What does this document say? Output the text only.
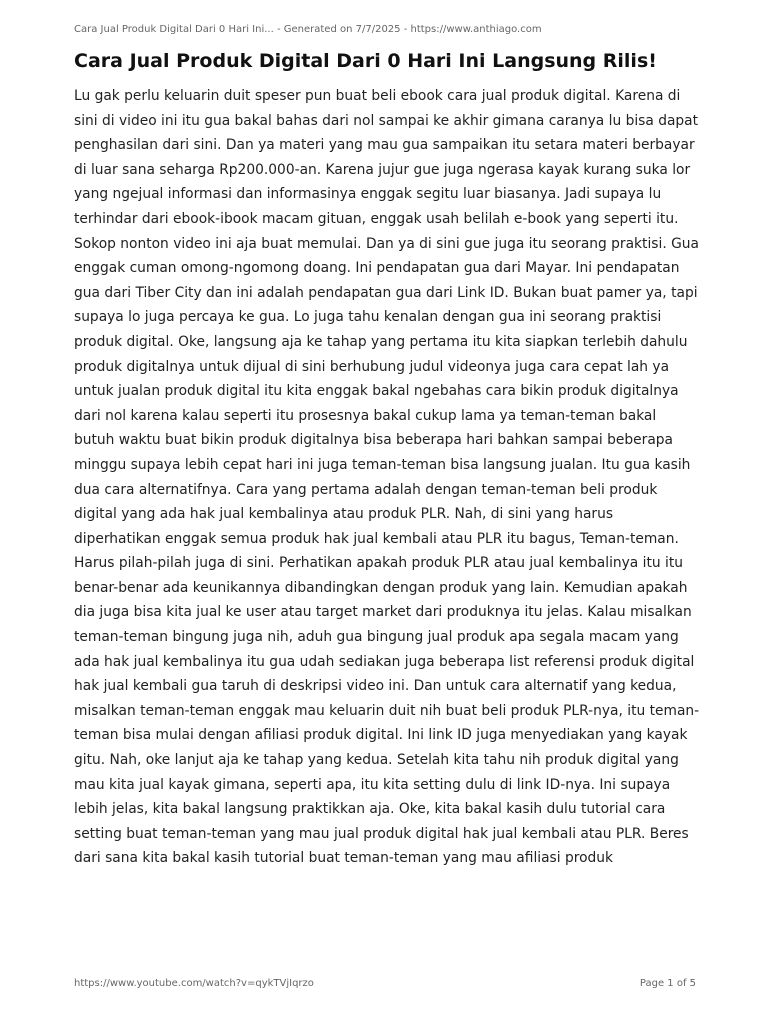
Cara Jual Produk Digital Dari 0 Hari Ini... - Generated on 7/7/2025 - https://www.anthiago.com
Cara Jual Produk Digital Dari 0 Hari Ini Langsung Rilis!

Lu gak perlu keluarin duit speser pun buat beli ebook cara jual produk digital. Karena di sini di video ini itu gua bakal bahas dari nol sampai ke akhir gimana caranya lu bisa dapat penghasilan dari sini. Dan ya materi yang mau gua sampaikan itu setara materi berbayar di luar sana seharga Rp200.000-an. Karena jujur gue juga ngerasa kayak kurang suka lor yang ngejual informasi dan informasinya enggak segitu luar biasanya. Jadi supaya lu terhindar dari ebook-ibook macam gituan, enggak usah belilah e-book yang seperti itu. Sokop nonton video ini aja buat memulai. Dan ya di sini gue juga itu seorang praktisi. Gua enggak cuman omong-ngomong doang. Ini pendapatan gua dari Mayar. Ini pendapatan gua dari Tiber City dan ini adalah pendapatan gua dari Link ID. Bukan buat pamer ya, tapi supaya lo juga percaya ke gua. Lo juga tahu kenalan dengan gua ini seorang praktisi produk digital. Oke, langsung aja ke tahap yang pertama itu kita siapkan terlebih dahulu produk digitalnya untuk dijual di sini berhubung judul videonya juga cara cepat lah ya untuk jualan produk digital itu kita enggak bakal ngebahas cara bikin produk digitalnya dari nol karena kalau seperti itu prosesnya bakal cukup lama ya teman-teman bakal butuh waktu buat bikin produk digitalnya bisa beberapa hari bahkan sampai beberapa minggu supaya lebih cepat hari ini juga teman-teman bisa langsung jualan. Itu gua kasih dua cara alternatifnya. Cara yang pertama adalah dengan teman-teman beli produk digital yang ada hak jual kembalinya atau produk PLR. Nah, di sini yang harus diperhatikan enggak semua produk hak jual kembali atau PLR itu bagus, Teman-teman. Harus pilah-pilah juga di sini. Perhatikan apakah produk PLR atau jual kembalinya itu itu benar-benar ada keunikannya dibandingkan dengan produk yang lain. Kemudian apakah dia juga bisa kita jual ke user atau target market dari produknya itu jelas. Kalau misalkan teman-teman bingung juga nih, aduh gua bingung jual produk apa segala macam yang ada hak jual kembalinya itu gua udah sediakan juga beberapa list referensi produk digital hak jual kembali gua taruh di deskripsi video ini. Dan untuk cara alternatif yang kedua, misalkan teman-teman enggak mau keluarin duit nih buat beli produk PLR-nya, itu teman-teman bisa mulai dengan afiliasi produk digital. Ini link ID juga menyediakan yang kayak gitu. Nah, oke lanjut aja ke tahap yang kedua. Setelah kita tahu nih produk digital yang mau kita jual kayak gimana, seperti apa, itu kita setting dulu di link ID-nya. Ini supaya lebih jelas, kita bakal langsung praktikkan aja. Oke, kita bakal kasih dulu tutorial cara setting buat teman-teman yang mau jual produk digital hak jual kembali atau PLR. Beres dari sana kita bakal kasih tutorial buat teman-teman yang mau afiliasi produk

https://www.youtube.com/watch?v=qykTVjIqrzo	Page 1 of 5
